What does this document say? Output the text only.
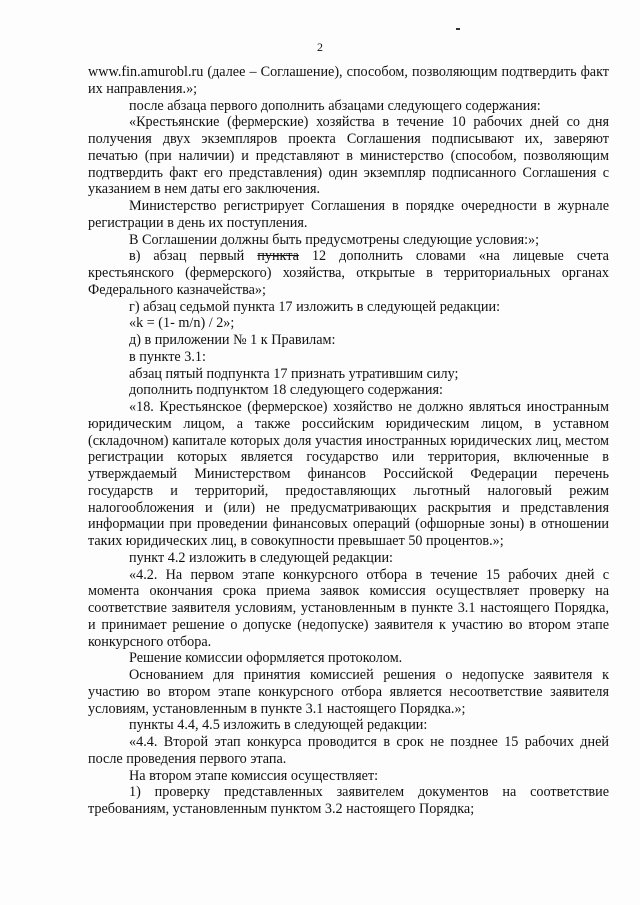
2

www.fin.amurobl.ru (далее – Соглашение), способом, позволяющим подтвердить факт их направления.»;

после абзаца первого дополнить абзацами следующего содержания:

«Крестьянские (фермерские) хозяйства в течение 10 рабочих дней со дня получения двух экземпляров проекта Соглашения подписывают их, заверяют печатью (при наличии) и представляют в министерство (способом, позволяющим подтвердить факт его представления) один экземпляр подписанного Соглашения с указанием в нем даты его заключения.

Министерство регистрирует Соглашения в порядке очередности в журнале регистрации в день их поступления.

В Соглашении должны быть предусмотрены следующие условия:»;

в) абзац первый пункта 12 дополнить словами «на лицевые счета крестьянского (фермерского) хозяйства, открытые в территориальных органах Федерального казначейства»;

г) абзац седьмой пункта 17 изложить в следующей редакции:

«k = (1- m/n) / 2»;

д) в приложении № 1 к Правилам:

в пункте 3.1:

абзац пятый подпункта 17 признать утратившим силу;

дополнить подпунктом 18 следующего содержания:

«18. Крестьянское (фермерское) хозяйство не должно являться иностранным юридическим лицом, а также российским юридическим лицом, в уставном (складочном) капитале которых доля участия иностранных юридических лиц, местом регистрации которых является государство или территория, включенные в утверждаемый Министерством финансов Российской Федерации перечень государств и территорий, предоставляющих льготный налоговый режим налогообложения и (или) не предусматривающих раскрытия и представления информации при проведении финансовых операций (офшорные зоны) в отношении таких юридических лиц, в совокупности превышает 50 процентов.»;

пункт 4.2 изложить в следующей редакции:

«4.2. На первом этапе конкурсного отбора в течение 15 рабочих дней с момента окончания срока приема заявок комиссия осуществляет проверку на соответствие заявителя условиям, установленным в пункте 3.1 настоящего Порядка, и принимает решение о допуске (недопуске) заявителя к участию во втором этапе конкурсного отбора.

Решение комиссии оформляется протоколом.

Основанием для принятия комиссией решения о недопуске заявителя к участию во втором этапе конкурсного отбора является несоответствие заявителя условиям, установленным в пункте 3.1 настоящего Порядка.»;

пункты 4.4, 4.5 изложить в следующей редакции:

«4.4. Второй этап конкурса проводится в срок не позднее 15 рабочих дней после проведения первого этапа.

На втором этапе комиссия осуществляет:

1) проверку представленных заявителем документов на соответствие требованиям, установленным пунктом 3.2 настоящего Порядка;
